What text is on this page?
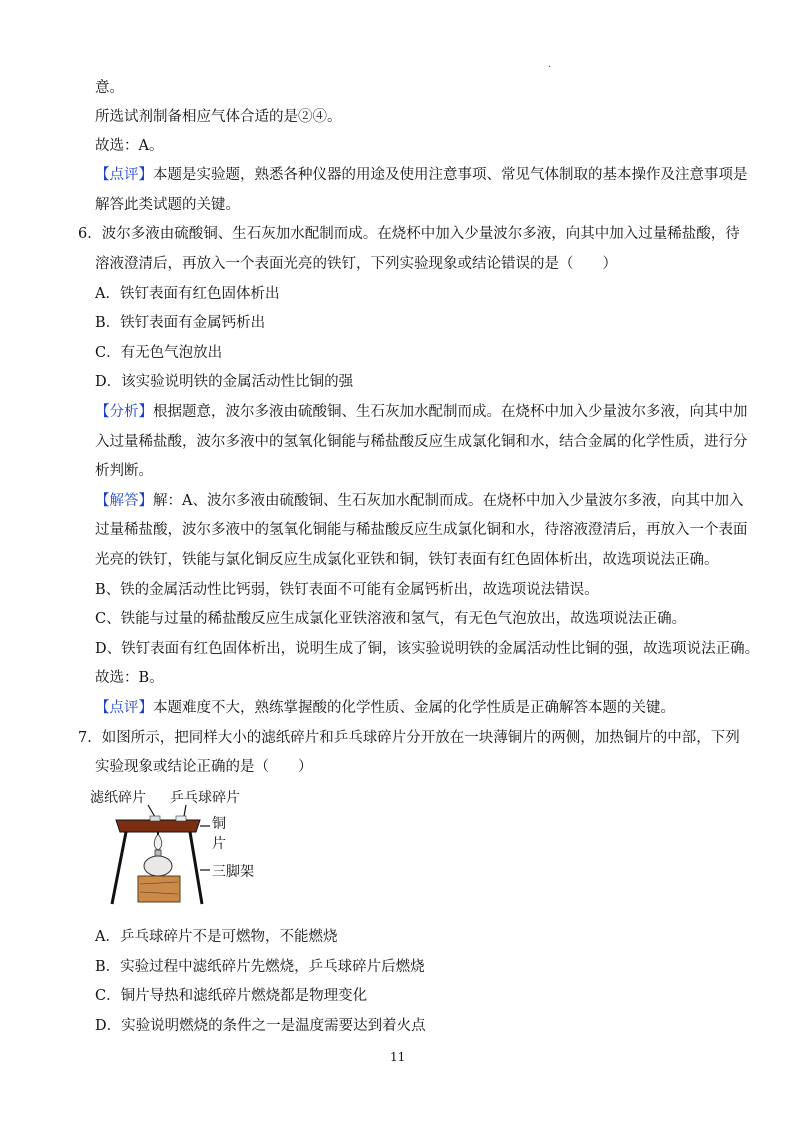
·
意。
所选试剂制备相应气体合适的是②④。
故选：A。
【点评】本题是实验题，熟悉各种仪器的用途及使用注意事项、常见气体制取的基本操作及注意事项是
解答此类试题的关键。
6．波尔多液由硫酸铜、生石灰加水配制而成。在烧杯中加入少量波尔多液，向其中加入过量稀盐酸，待
溶液澄清后，再放入一个表面光亮的铁钉，下列实验现象或结论错误的是（　　）
A．铁钉表面有红色固体析出
B．铁钉表面有金属钙析出
C．有无色气泡放出
D．该实验说明铁的金属活动性比铜的强
【分析】根据题意，波尔多液由硫酸铜、生石灰加水配制而成。在烧杯中加入少量波尔多液，向其中加
入过量稀盐酸，波尔多液中的氢氧化铜能与稀盐酸反应生成氯化铜和水，结合金属的化学性质，进行分
析判断。
【解答】解：A、波尔多液由硫酸铜、生石灰加水配制而成。在烧杯中加入少量波尔多液，向其中加入
过量稀盐酸，波尔多液中的氢氧化铜能与稀盐酸反应生成氯化铜和水，待溶液澄清后，再放入一个表面
光亮的铁钉，铁能与氯化铜反应生成氯化亚铁和铜，铁钉表面有红色固体析出，故选项说法正确。
B、铁的金属活动性比钙弱，铁钉表面不可能有金属钙析出，故选项说法错误。
C、铁能与过量的稀盐酸反应生成氯化亚铁溶液和氢气，有无色气泡放出，故选项说法正确。
D、铁钉表面有红色固体析出，说明生成了铜，该实验说明铁的金属活动性比铜的强，故选项说法正确。
故选：B。
【点评】本题难度不大，熟练掌握酸的化学性质、金属的化学性质是正确解答本题的关键。
7．如图所示，把同样大小的滤纸碎片和乒乓球碎片分开放在一块薄铜片的两侧，加热铜片的中部，下列
实验现象或结论正确的是（　　）
滤纸碎片 乒乓球碎片
铜
片
三脚架
A．乒乓球碎片不是可燃物，不能燃烧
B．实验过程中滤纸碎片先燃烧，乒乓球碎片后燃烧
C．铜片导热和滤纸碎片燃烧都是物理变化
D．实验说明燃烧的条件之一是温度需要达到着火点
11
